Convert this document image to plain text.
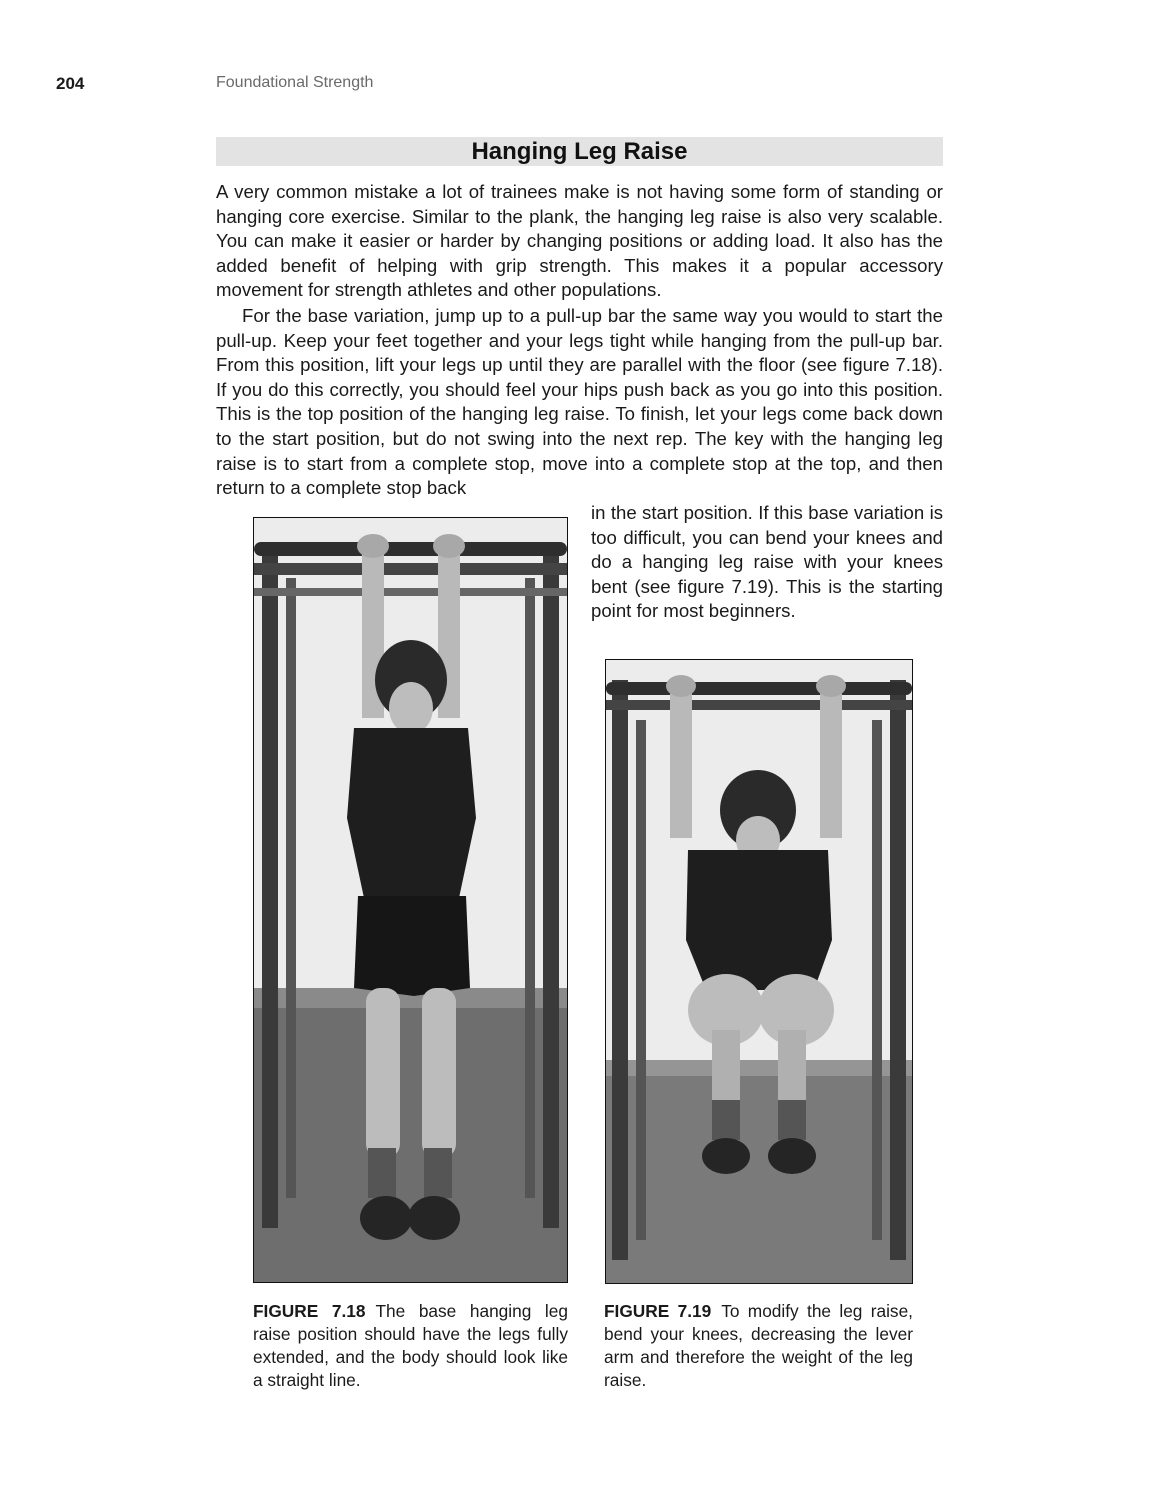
204	Foundational Strength
Hanging Leg Raise

A very common mistake a lot of trainees make is not having some form of standing or hanging core exercise. Similar to the plank, the hanging leg raise is also very scalable. You can make it easier or harder by changing positions or adding load. It also has the added benefit of helping with grip strength. This makes it a popular accessory movement for strength athletes and other populations.

For the base variation, jump up to a pull-up bar the same way you would to start the pull-up. Keep your feet together and your legs tight while hanging from the pull-up bar. From this position, lift your legs up until they are parallel with the floor (see figure 7.18). If you do this correctly, you should feel your hips push back as you go into this position. This is the top position of the hanging leg raise. To finish, let your legs come back down to the start position, but do not swing into the next rep. The key with the hanging leg raise is to start from a complete stop, move into a complete stop at the top, and then return to a complete stop back

in the start position. If this base variation is too difficult, you can bend your knees and do a hanging leg raise with your knees bent (see figure 7.19). This is the starting point for most beginners.

FIGURE 7.18 The base hanging leg raise position should have the legs fully extended, and the body should look like a straight line.

FIGURE 7.19 To modify the leg raise, bend your knees, decreasing the lever arm and therefore the weight of the leg raise.
